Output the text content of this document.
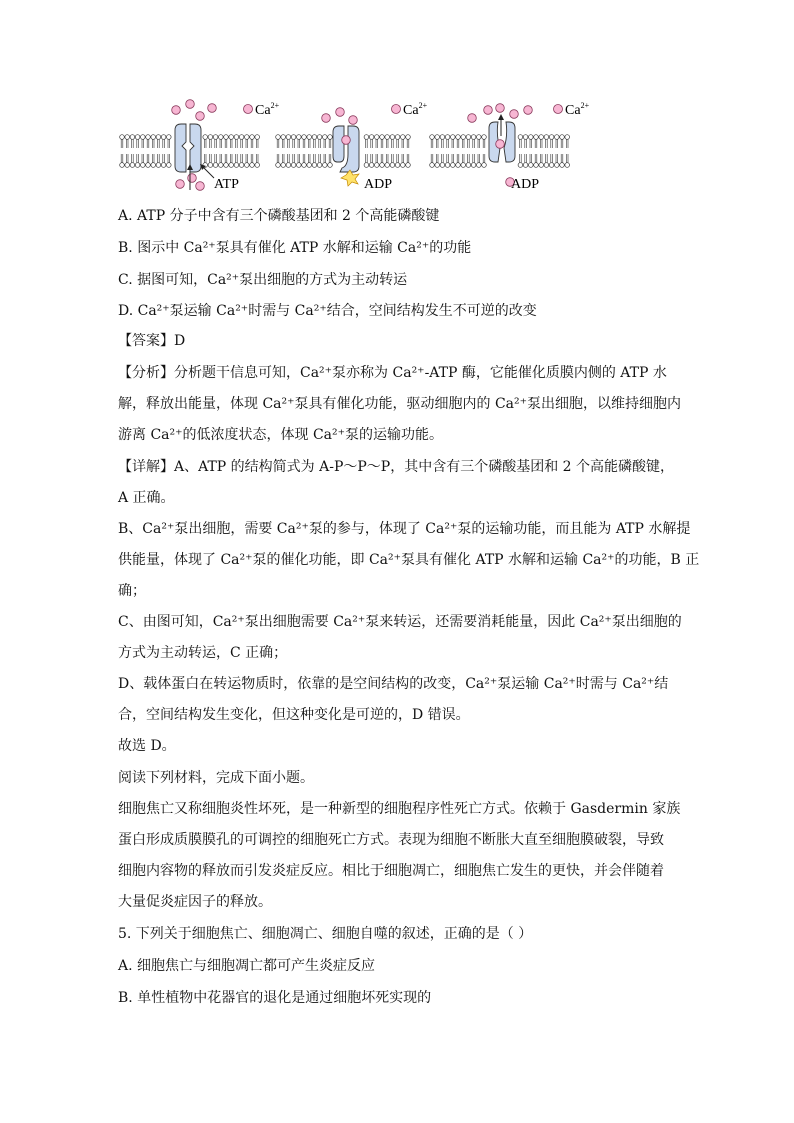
$Ca^{2+}$	$Ca^{2+}$	$Ca^{2+}$
ATP	ADP	ADP
A. ATP 分子中含有三个磷酸基团和 2 个高能磷酸键
B. 图示中 Ca²⁺泵具有催化 ATP 水解和运输 Ca²⁺的功能
C. 据图可知，Ca²⁺泵出细胞的方式为主动转运
D. Ca²⁺泵运输 Ca²⁺时需与 Ca²⁺结合，空间结构发生不可逆的改变
【答案】D
【分析】分析题干信息可知，Ca²⁺泵亦称为 Ca²⁺-ATP 酶，它能催化质膜内侧的 ATP 水
解，释放出能量，体现 Ca²⁺泵具有催化功能，驱动细胞内的 Ca²⁺泵出细胞，以维持细胞内
游离 Ca²⁺的低浓度状态，体现 Ca²⁺泵的运输功能。
【详解】A、ATP 的结构简式为 A-P～P～P，其中含有三个磷酸基团和 2 个高能磷酸键，
A 正确。
B、Ca²⁺泵出细胞，需要 Ca²⁺泵的参与，体现了 Ca²⁺泵的运输功能，而且能为 ATP 水解提
供能量，体现了 Ca²⁺泵的催化功能，即 Ca²⁺泵具有催化 ATP 水解和运输 Ca²⁺的功能，B 正
确；
C、由图可知，Ca²⁺泵出细胞需要 Ca²⁺泵来转运，还需要消耗能量，因此 Ca²⁺泵出细胞的
方式为主动转运，C 正确；
D、载体蛋白在转运物质时，依靠的是空间结构的改变，Ca²⁺泵运输 Ca²⁺时需与 Ca²⁺结
合，空间结构发生变化，但这种变化是可逆的，D 错误。
故选 D。
阅读下列材料，完成下面小题。
细胞焦亡又称细胞炎性坏死，是一种新型的细胞程序性死亡方式。依赖于 Gasdermin 家族
蛋白形成质膜膜孔的可调控的细胞死亡方式。表现为细胞不断胀大直至细胞膜破裂，导致
细胞内容物的释放而引发炎症反应。相比于细胞凋亡，细胞焦亡发生的更快，并会伴随着
大量促炎症因子的释放。
5. 下列关于细胞焦亡、细胞凋亡、细胞自噬的叙述，正确的是（ ）
A. 细胞焦亡与细胞凋亡都可产生炎症反应
B. 单性植物中花器官的退化是通过细胞坏死实现的
